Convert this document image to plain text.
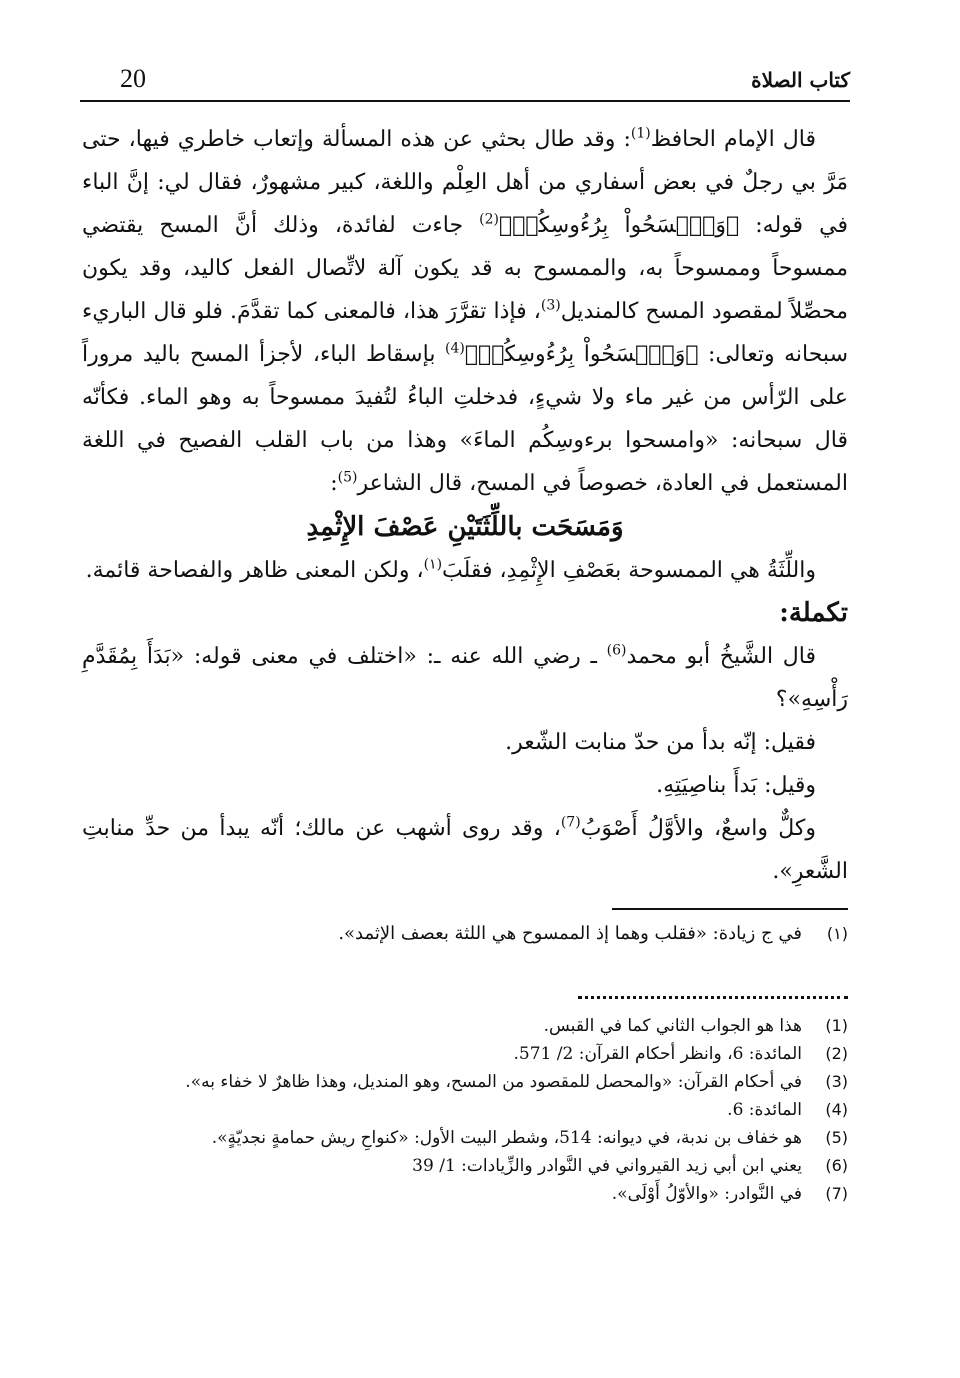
20	كتاب الصلاة

قال الإمام الحافظ$^{(1)}$: وقد طال بحثي عن هذه المسألة وإتعاب خاطري فيها، حتى مَرَّ بي رجلٌ في بعض أسفاري من أهل العِلْم واللغة، كبير مشهورٌ، فقال لي: إنَّ الباء في قوله: ﴿وَٱمۡسَحُواْ بِرُءُوسِكُمۡ﴾$^{(2)}$ جاءت لفائدة، وذلك أنَّ المسح يقتضي ممسوحاً وممسوحاً به، والممسوح به قد يكون آلة لاتِّصال الفعل كاليد، وقد يكون محصِّلاً لمقصود المسح كالمنديل$^{(3)}$، فإذا تقرَّرَ هذا، فالمعنى كما تقدَّمَ. فلو قال الباريء سبحانه وتعالى: ﴿وَٱمۡسَحُواْ بِرُءُوسِكُمۡ﴾$^{(4)}$ بإسقاط الباء، لأجزأ المسح باليد مروراً على الرّأس من غير ماء ولا شيءٍ، فدخلتِ الباءُ لتُفيدَ ممسوحاً به وهو الماء. فكأنّه قال سبحانه: «وامسحوا برءوسِكُم الماءَ» وهذا من باب القلب الفصيح في اللغة المستعمل في العادة، خصوصاً في المسح، قال الشاعر$^{(5)}$:

وَمَسَحَت باللِّثَتَيْنِ عَصْفَ الإِثْمِدِ

واللِّثَةُ هي الممسوحة بعَصْفِ الإِثْمِدِ، فقلَبَ$^{(١)}$، ولكن المعنى ظاهر والفصاحة قائمة.

تكملة:

قال الشَّيخُ أبو محمد$^{(6)}$ ـ رضي الله عنه ـ: «اختلف في معنى قوله: «بَدَأَ بِمُقَدَّمِ رَأْسِهِ»؟

فقيل: إنّه بدأ من حدّ منابت الشّعر.

وقيل: بَدأَ بناصِيَتِهِ.

وكلٌّ واسعٌ، والأوَّلُ أَصْوَبُ$^{(7)}$، وقد روى أشهب عن مالك؛ أنّه يبدأ من حدِّ منابتِ الشَّعرِ».

(١)
في ج زيادة: «فقلب وهما إذ الممسوح هي اللثة بعصف الإثمد».
(1)
هذا هو الجواب الثاني كما في القبس.
(2)
المائدة: 6، وانظر أحكام القرآن: 2/ 571.
(3)
في أحكام القرآن: «والمحصل للمقصود من المسح، وهو المنديل، وهذا ظاهرٌ لا خفاء به».
(4)
المائدة: 6.
(5)
هو خفاف بن ندبة، في ديوانه: 514، وشطر البيت الأول: «كنواحِ ريش حمامةٍ نجديّةٍ».
(6)
يعني ابن أبي زيد القيرواني في النَّوادر والزِّيادات: 1/ 39
(7)
في النَّوادر: «والأوّلُ أَوْلَى».
